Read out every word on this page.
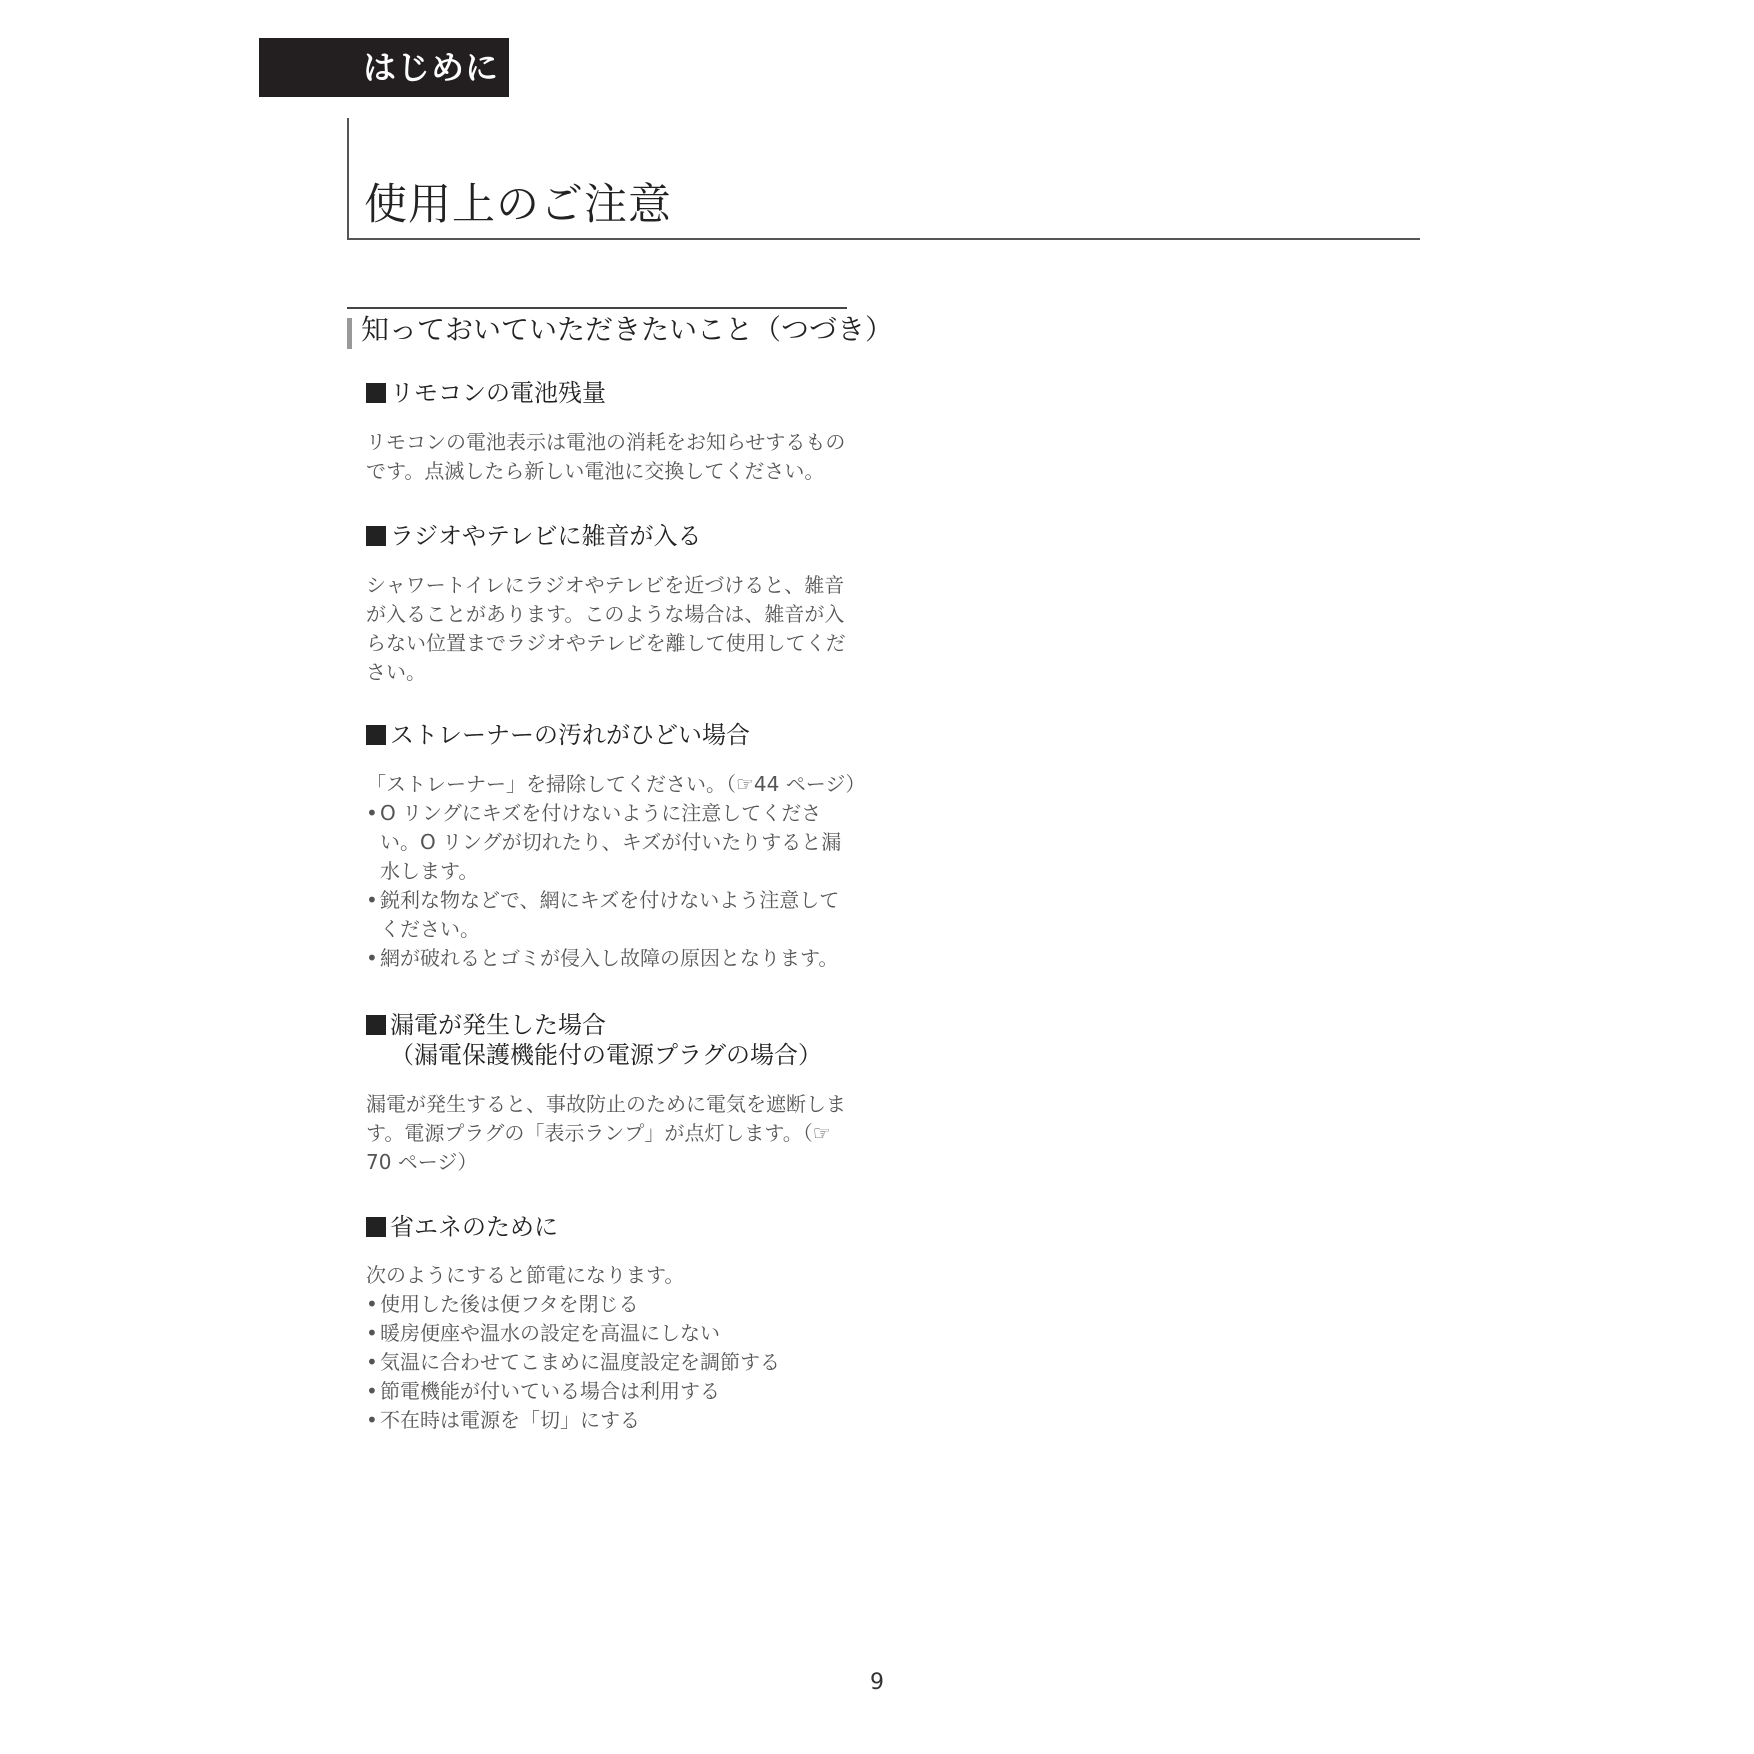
はじめに
使用上のご注意
知っておいていただきたいこと（つづき）
リモコンの電池残量

リモコンの電池表示は電池の消耗をお知らせするものです。点滅したら新しい電池に交換してください。

ラジオやテレビに雑音が入る

シャワートイレにラジオやテレビを近づけると、雑音が入ることがあります。このような場合は、雑音が入らない位置までラジオやテレビを離して使用してください。

ストレーナーの汚れがひどい場合

「ストレーナー」を掃除してください。（☞44 ページ）

• O リングにキズを付けないように注意してください。O リングが切れたり、キズが付いたりすると漏水します。
• 鋭利な物などで、網にキズを付けないよう注意してください。
• 網が破れるとゴミが侵入し故障の原因となります。
漏電が発生した場合
（漏電保護機能付の電源プラグの場合）

漏電が発生すると、事故防止のために電気を遮断します。電源プラグの「表示ランプ」が点灯します。（☞70 ページ）

省エネのために

次のようにすると節電になります。

• 使用した後は便フタを閉じる
• 暖房便座や温水の設定を高温にしない
• 気温に合わせてこまめに温度設定を調節する
• 節電機能が付いている場合は利用する
• 不在時は電源を「切」にする
9
